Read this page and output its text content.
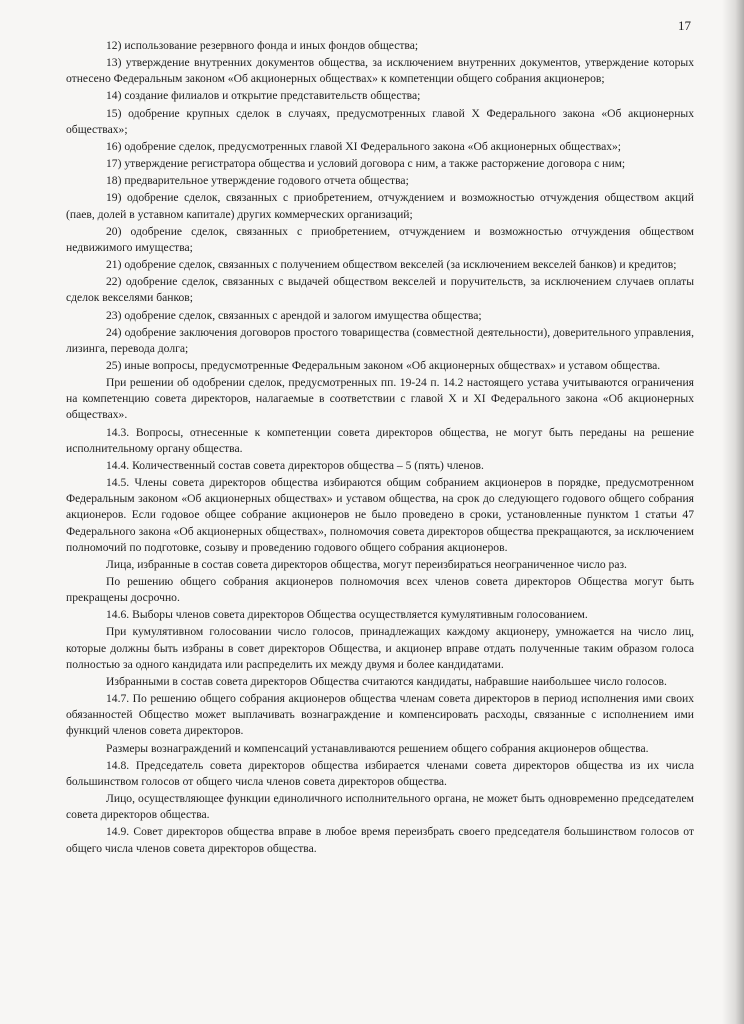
17

12) использование резервного фонда и иных фондов общества;

13) утверждение внутренних документов общества, за исключением внутренних документов, утверждение которых отнесено Федеральным законом «Об акционерных обществах» к компетенции общего собрания акционеров;

14) создание филиалов и открытие представительств общества;

15) одобрение крупных сделок в случаях, предусмотренных главой Х Федерального закона «Об акционерных обществах»;

16) одобрение сделок, предусмотренных главой XI Федерального закона «Об акционерных обществах»;

17) утверждение регистратора общества и условий договора с ним, а также расторжение договора с ним;

18) предварительное утверждение годового отчета общества;

19) одобрение сделок, связанных с приобретением, отчуждением и возможностью отчуждения обществом акций (паев, долей в уставном капитале) других коммерческих организаций;

20) одобрение сделок, связанных с приобретением, отчуждением и возможностью отчуждения обществом недвижимого имущества;

21) одобрение сделок, связанных с получением обществом векселей (за исключением векселей банков) и кредитов;

22) одобрение сделок, связанных с выдачей обществом векселей и поручительств, за исключением случаев оплаты сделок векселями банков;

23) одобрение сделок, связанных с арендой и залогом имущества общества;

24) одобрение заключения договоров простого товарищества (совместной деятельности), доверительного управления, лизинга, перевода долга;

25) иные вопросы, предусмотренные Федеральным законом «Об акционерных обществах» и уставом общества.

При решении об одобрении сделок, предусмотренных пп. 19-24 п. 14.2 настоящего устава учитываются ограничения на компетенцию совета директоров, налагаемые в соответствии с главой Х и XI Федерального закона «Об акционерных обществах».

14.3. Вопросы, отнесенные к компетенции совета директоров общества, не могут быть переданы на решение исполнительному органу общества.

14.4. Количественный состав совета директоров общества – 5 (пять) членов.

14.5. Члены совета директоров общества избираются общим собранием акционеров в порядке, предусмотренном Федеральным законом «Об акционерных обществах» и уставом общества, на срок до следующего годового общего собрания акционеров. Если годовое общее собрание акционеров не было проведено в сроки, установленные пунктом 1 статьи 47 Федерального закона «Об акционерных обществах», полномочия совета директоров общества прекращаются, за исключением полномочий по подготовке, созыву и проведению годового общего собрания акционеров.

Лица, избранные в состав совета директоров общества, могут переизбираться неограниченное число раз.

По решению общего собрания акционеров полномочия всех членов совета директоров Общества могут быть прекращены досрочно.

14.6. Выборы членов совета директоров Общества осуществляется кумулятивным голосованием.

При кумулятивном голосовании число голосов, принадлежащих каждому акционеру, умножается на число лиц, которые должны быть избраны в совет директоров Общества, и акционер вправе отдать полученные таким образом голоса полностью за одного кандидата или распределить их между двумя и более кандидатами.

Избранными в состав совета директоров Общества считаются кандидаты, набравшие наибольшее число голосов.

14.7. По решению общего собрания акционеров общества членам совета директоров в период исполнения ими своих обязанностей Общество может выплачивать вознаграждение и компенсировать расходы, связанные с исполнением ими функций членов совета директоров.

Размеры вознаграждений и компенсаций устанавливаются решением общего собрания акционеров общества.

14.8. Председатель совета директоров общества избирается членами совета директоров общества из их числа большинством голосов от общего числа членов совета директоров общества.

Лицо, осуществляющее функции единоличного исполнительного органа, не может быть одновременно председателем совета директоров общества.

14.9. Совет директоров общества вправе в любое время переизбрать своего председателя большинством голосов от общего числа членов совета директоров общества.
